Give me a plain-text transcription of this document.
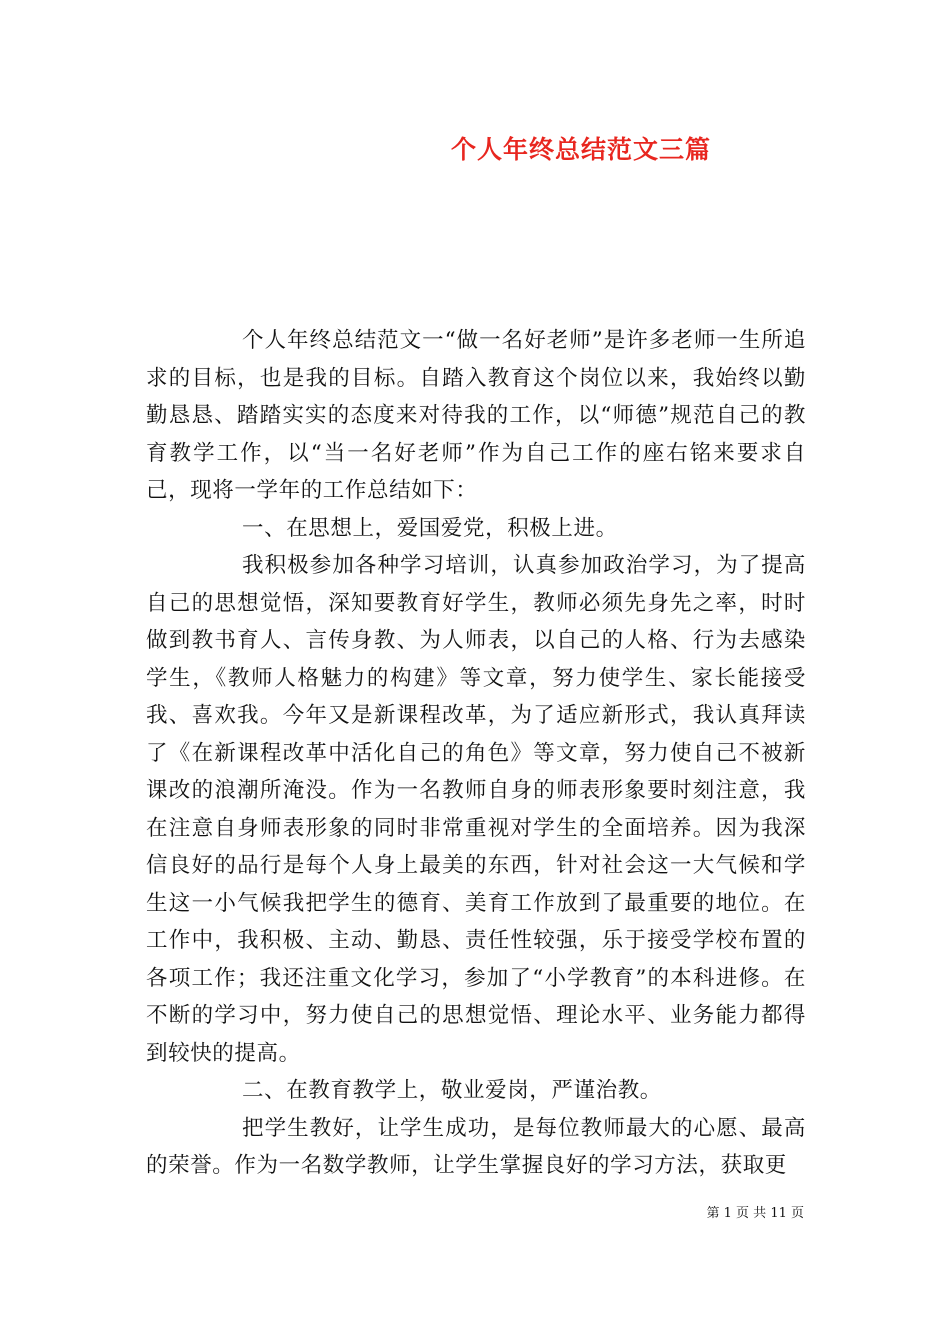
个人年终总结范文三篇

个人年终总结范文一“做一名好老师”是许多老师一生所追求的目标，也是我的目标。自踏入教育这个岗位以来，我始终以勤勤恳恳、踏踏实实的态度来对待我的工作，以“师德”规范自己的教育教学工作，以“当一名好老师”作为自己工作的座右铭来要求自己，现将一学年的工作总结如下：

一、在思想上，爱国爱党，积极上进。

我积极参加各种学习培训，认真参加政治学习，为了提高自己的思想觉悟，深知要教育好学生，教师必须先身先之率，时时做到教书育人、言传身教、为人师表，以自己的人格、行为去感染学生，《教师人格魅力的构建》等文章，努力使学生、家长能接受我、喜欢我。今年又是新课程改革，为了适应新形式，我认真拜读了《在新课程改革中活化自己的角色》等文章，努力使自己不被新课改的浪潮所淹没。作为一名教师自身的师表形象要时刻注意，我在注意自身师表形象的同时非常重视对学生的全面培养。因为我深信良好的品行是每个人身上最美的东西，针对社会这一大气候和学生这一小气候我把学生的德育、美育工作放到了最重要的地位。在工作中，我积极、主动、勤恳、责任性较强，乐于接受学校布置的各项工作；我还注重文化学习，参加了“小学教育”的本科进修。在不断的学习中，努力使自己的思想觉悟、理论水平、业务能力都得到较快的提高。

二、在教育教学上，敬业爱岗，严谨治教。

把学生教好，让学生成功，是每位教师最大的心愿、最高的荣誉。作为一名数学教师，让学生掌握良好的学习方法，获取更

第 1 页 共 11 页
